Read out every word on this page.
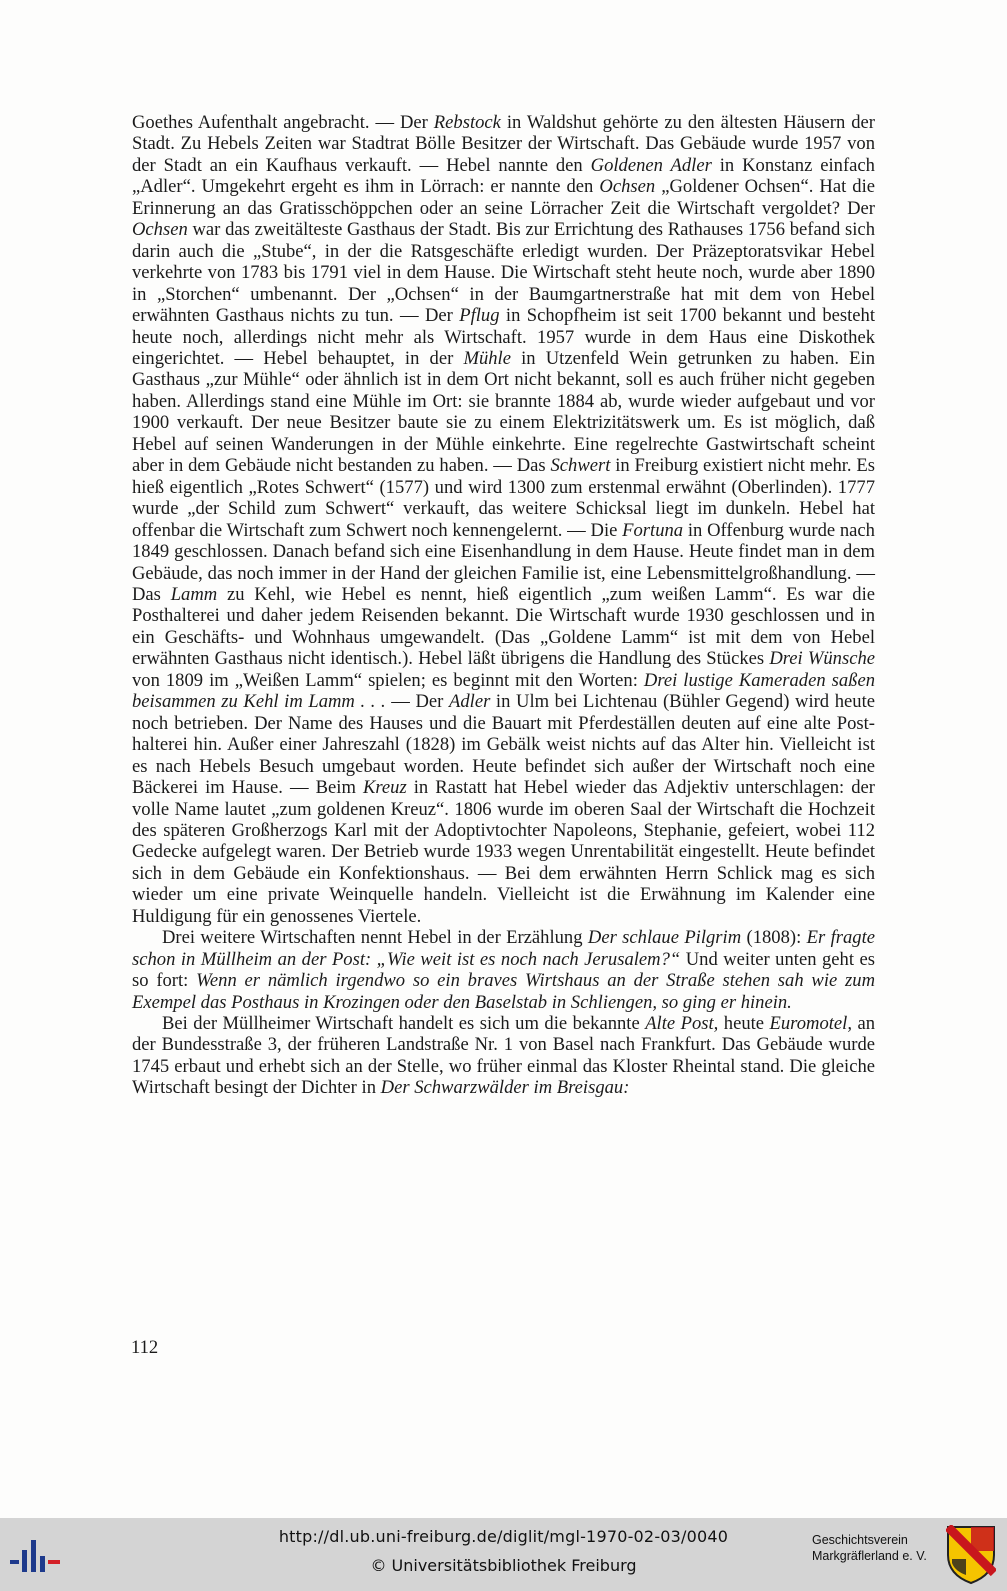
Goethes Aufenthalt angebracht. — Der Rebstock in Waldshut gehörte zu den ältesten Häusern der Stadt. Zu Hebels Zeiten war Stadtrat Bölle Besitzer der Wirtschaft. Das Gebäude wurde 1957 von der Stadt an ein Kaufhaus verkauft. — Hebel nannte den Goldenen Adler in Konstanz einfach „Adler“. Umgekehrt ergeht es ihm in Lörrach: er nannte den Ochsen „Goldener Ochsen“. Hat die Erinnerung an das Gratisschöppchen oder an seine Lörracher Zeit die Wirtschaft vergoldet? Der Ochsen war das zweitälteste Gasthaus der Stadt. Bis zur Errichtung des Rathauses 1756 befand sich darin auch die „Stube“, in der die Ratsgeschäfte erledigt wurden. Der Präzeptoratsvikar Hebel verkehrte von 1783 bis 1791 viel in dem Hause. Die Wirtschaft steht heute noch, wurde aber 1890 in „Storchen“ umbenannt. Der „Ochsen“ in der Baumgartnerstraße hat mit dem von Hebel erwähnten Gasthaus nichts zu tun. — Der Pflug in Schopfheim ist seit 1700 bekannt und besteht heute noch, allerdings nicht mehr als Wirtschaft. 1957 wurde in dem Haus eine Diskothek eingerichtet. — Hebel behauptet, in der Mühle in Utzenfeld Wein getrunken zu haben. Ein Gasthaus „zur Mühle“ oder ähnlich ist in dem Ort nicht bekannt, soll es auch früher nicht gegeben haben. Allerdings stand eine Mühle im Ort: sie brannte 1884 ab, wurde wieder aufgebaut und vor 1900 verkauft. Der neue Besitzer baute sie zu einem Elektrizitätswerk um. Es ist möglich, daß Hebel auf seinen Wanderungen in der Mühle einkehrte. Eine regelrechte Gastwirtschaft scheint aber in dem Gebäude nicht bestanden zu haben. — Das Schwert in Freiburg existiert nicht mehr. Es hieß eigentlich „Rotes Schwert“ (1577) und wird 1300 zum erstenmal erwähnt (Oberlinden). 1777 wurde „der Schild zum Schwert“ verkauft, das weitere Schicksal liegt im dunkeln. Hebel hat offenbar die Wirtschaft zum Schwert noch kennengelernt. — Die Fortuna in Offenburg wurde nach 1849 geschlossen. Danach befand sich eine Eisenhandlung in dem Hause. Heute findet man in dem Gebäude, das noch immer in der Hand der gleichen Familie ist, eine Lebensmittelgroßhandlung. — Das Lamm zu Kehl, wie Hebel es nennt, hieß eigentlich „zum weißen Lamm“. Es war die Posthalterei und daher jedem Reisenden bekannt. Die Wirtschaft wurde 1930 geschlossen und in ein Geschäfts- und Wohnhaus umgewandelt. (Das „Goldene Lamm“ ist mit dem von Hebel erwähnten Gasthaus nicht identisch.). Hebel läßt übrigens die Handlung des Stückes Drei Wünsche von 1809 im „Weißen Lamm“ spielen; es beginnt mit den Worten: Drei lustige Kameraden saßen beisammen zu Kehl im Lamm . . . — Der Adler in Ulm bei Lichtenau (Bühler Gegend) wird heute noch betrieben. Der Name des Hauses und die Bauart mit Pferdeställen deuten auf eine alte Posthalterei hin. Außer einer Jahreszahl (1828) im Gebälk weist nichts auf das Alter hin. Vielleicht ist es nach Hebels Besuch umgebaut worden. Heute befindet sich außer der Wirtschaft noch eine Bäckerei im Hause. — Beim Kreuz in Rastatt hat Hebel wieder das Adjektiv unterschlagen: der volle Name lautet „zum goldenen Kreuz“. 1806 wurde im oberen Saal der Wirtschaft die Hochzeit des späteren Großherzogs Karl mit der Adoptivtochter Napoleons, Stephanie, gefeiert, wobei 112 Gedecke aufgelegt waren. Der Betrieb wurde 1933 wegen Unrentabilität eingestellt. Heute befindet sich in dem Gebäude ein Konfektionshaus. — Bei dem erwähnten Herrn Schlick mag es sich wieder um eine private Weinquelle handeln. Vielleicht ist die Erwähnung im Kalender eine Huldigung für ein genossenes Viertele.

Drei weitere Wirtschaften nennt Hebel in der Erzählung Der schlaue Pilgrim (1808): Er fragte schon in Müllheim an der Post: „Wie weit ist es noch nach Jerusalem?“ Und weiter unten geht es so fort: Wenn er nämlich irgendwo so ein braves Wirtshaus an der Straße stehen sah wie zum Exempel das Posthaus in Krozingen oder den Baselstab in Schliengen, so ging er hinein.

Bei der Müllheimer Wirtschaft handelt es sich um die bekannte Alte Post, heute Euromotel, an der Bundesstraße 3, der früheren Landstraße Nr. 1 von Basel nach Frankfurt. Das Gebäude wurde 1745 erbaut und erhebt sich an der Stelle, wo früher einmal das Kloster Rheintal stand. Die gleiche Wirtschaft besingt der Dichter in Der Schwarzwälder im Breisgau:

112
http://dl.ub.uni-freiburg.de/diglit/mgl-1970-02-03/0040
© Universitätsbibliothek Freiburg
Geschichtsverein
Markgräflerland e. V.
